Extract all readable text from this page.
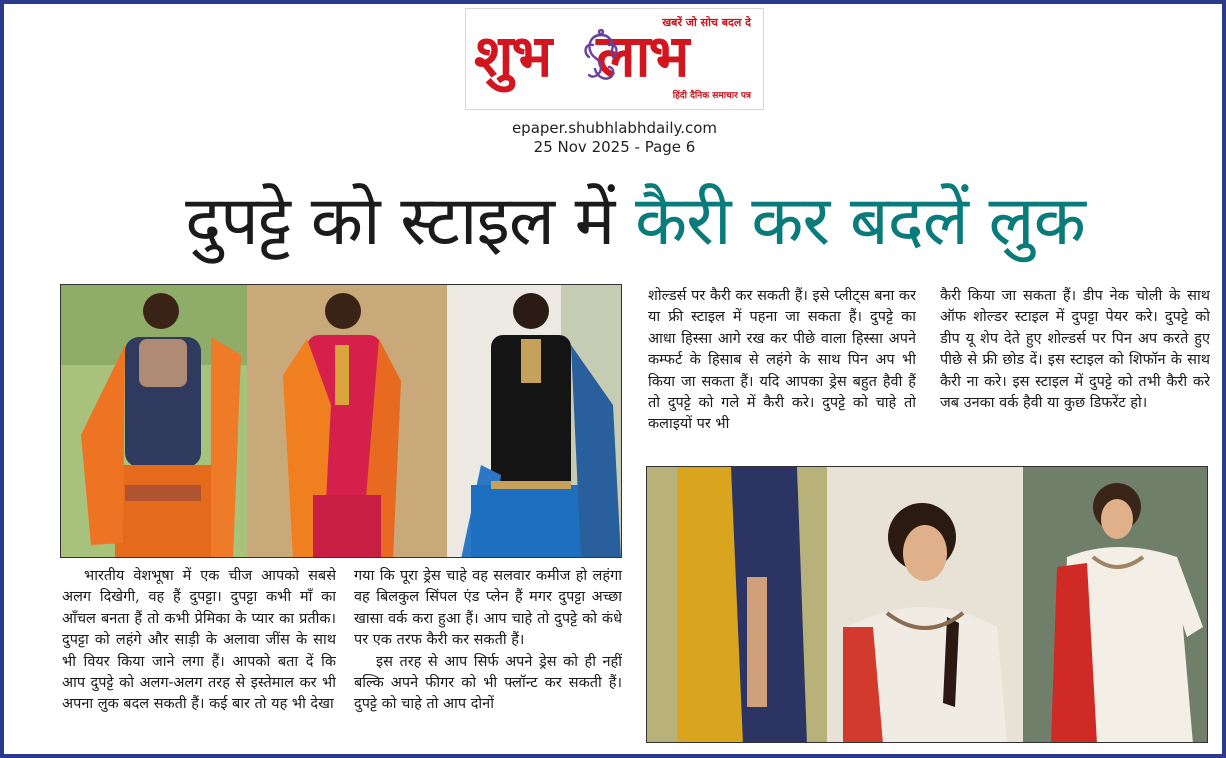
खबरें जो सोच बदल दे
शुभ लाभ
हिंदी दैनिक समाचार पत्र
epaper.shubhlabhdaily.com
25 Nov 2025 - Page 6
दुपट्टे को स्टाइल में कैरी कर बदलें लुक

भारतीय वेशभूषा में एक चीज आपको सबसे अलग दिखेगी, वह हैं दुपट्टा। दुपट्टा कभी माँ का आँचल बनता हैं तो कभी प्रेमिका के प्यार का प्रतीक। दुपट्टा को लहंगे और साड़ी के अलावा जींस के साथ भी वियर किया जाने लगा हैं। आपको बता दें कि आप दुपट्टे को अलग-अलग तरह से इस्तेमाल कर भी अपना लुक बदल सकती हैं। कई बार तो यह भी देखा

गया कि पूरा ड्रेस चाहे वह सलवार कमीज हो लहंगा वह बिलकुल सिंपल एंड प्लेन हैं मगर दुपट्टा अच्छा खासा वर्क करा हुआ हैं। आप चाहे तो दुपट्टे को कंधे पर एक तरफ कैरी कर सकती हैं।

इस तरह से आप सिर्फ अपने ड्रेस को ही नहीं बल्कि अपने फीगर को भी फ्लॉन्ट कर सकती हैं। दुपट्टे को चाहे तो आप दोनों

शोल्डर्स पर कैरी कर सकती हैं। इसे प्लीट्स बना कर या फ्री स्टाइल में पहना जा सकता हैं। दुपट्टे का आधा हिस्सा आगे रख कर पीछे वाला हिस्सा अपने कम्फर्ट के हिसाब से लहंगे के साथ पिन अप भी किया जा सकता हैं। यदि आपका ड्रेस बहुत हैवी हैं तो दुपट्टे को गले में कैरी करे। दुपट्टे को चाहे तो कलाइयों पर भी

कैरी किया जा सकता हैं। डीप नेक चोली के साथ ऑफ शोल्डर स्टाइल में दुपट्टा पेयर करे। दुपट्टे को डीप यू शेप देते हुए शोल्डर्स पर पिन अप करते हुए पीछे से फ्री छोड दें। इस स्टाइल को शिफॉन के साथ कैरी ना करे। इस स्टाइल में दुपट्टे को तभी कैरी करे जब उनका वर्क हैवी या कुछ डिफरेंट हो।
